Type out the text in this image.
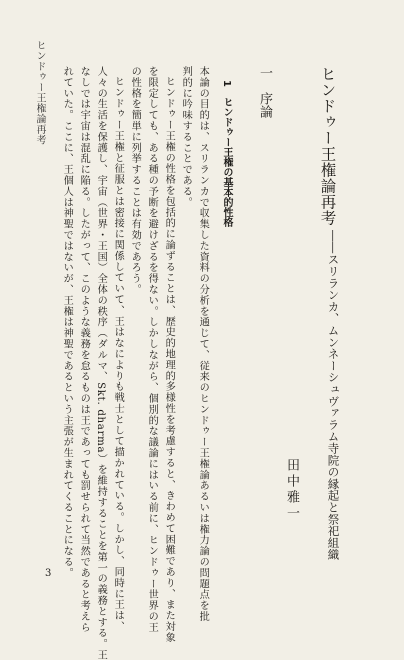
ヒンドゥー王権論再考	ヒンドゥー王権論再考
――スリランカ、ムンネーシュヴァラム寺院の縁起と祭祀組織
田中雅一
一　序論
1　ヒンドゥー王権の基本的性格
本論の目的は、スリランカで収集した資料の分析を通じて、従来のヒンドゥー王権論あるいは権力論の問題点を批
判的に吟味することである。
ヒンドゥー王権の性格を包括的に論ずることは、歴史的地理的多様性を考慮すると、きわめて困難であり、また対象
を限定しても、ある種の予断を避けざるを得ない。しかしながら、個別的な議論にはいる前に、ヒンドゥー世界の王
の性格を簡単に列挙することは有効であろう。
ヒンドゥー王権と征服とは密接に関係していて、王はなによりも戦士として描かれている。しかし、同時に王は、
人々の生活を保護し、宇宙（世界・王国）全体の秩序（ダルマ、Skt. dharma）を維持することを第一の義務とする。王
なしでは宇宙は混乱に陥る。したがって、このような義務を怠るものは王であっても罰せられて当然であると考えら
れていた。ここに、王個人は神聖ではないが、王権は神聖であるという主張が生まれてくることになる。
3
